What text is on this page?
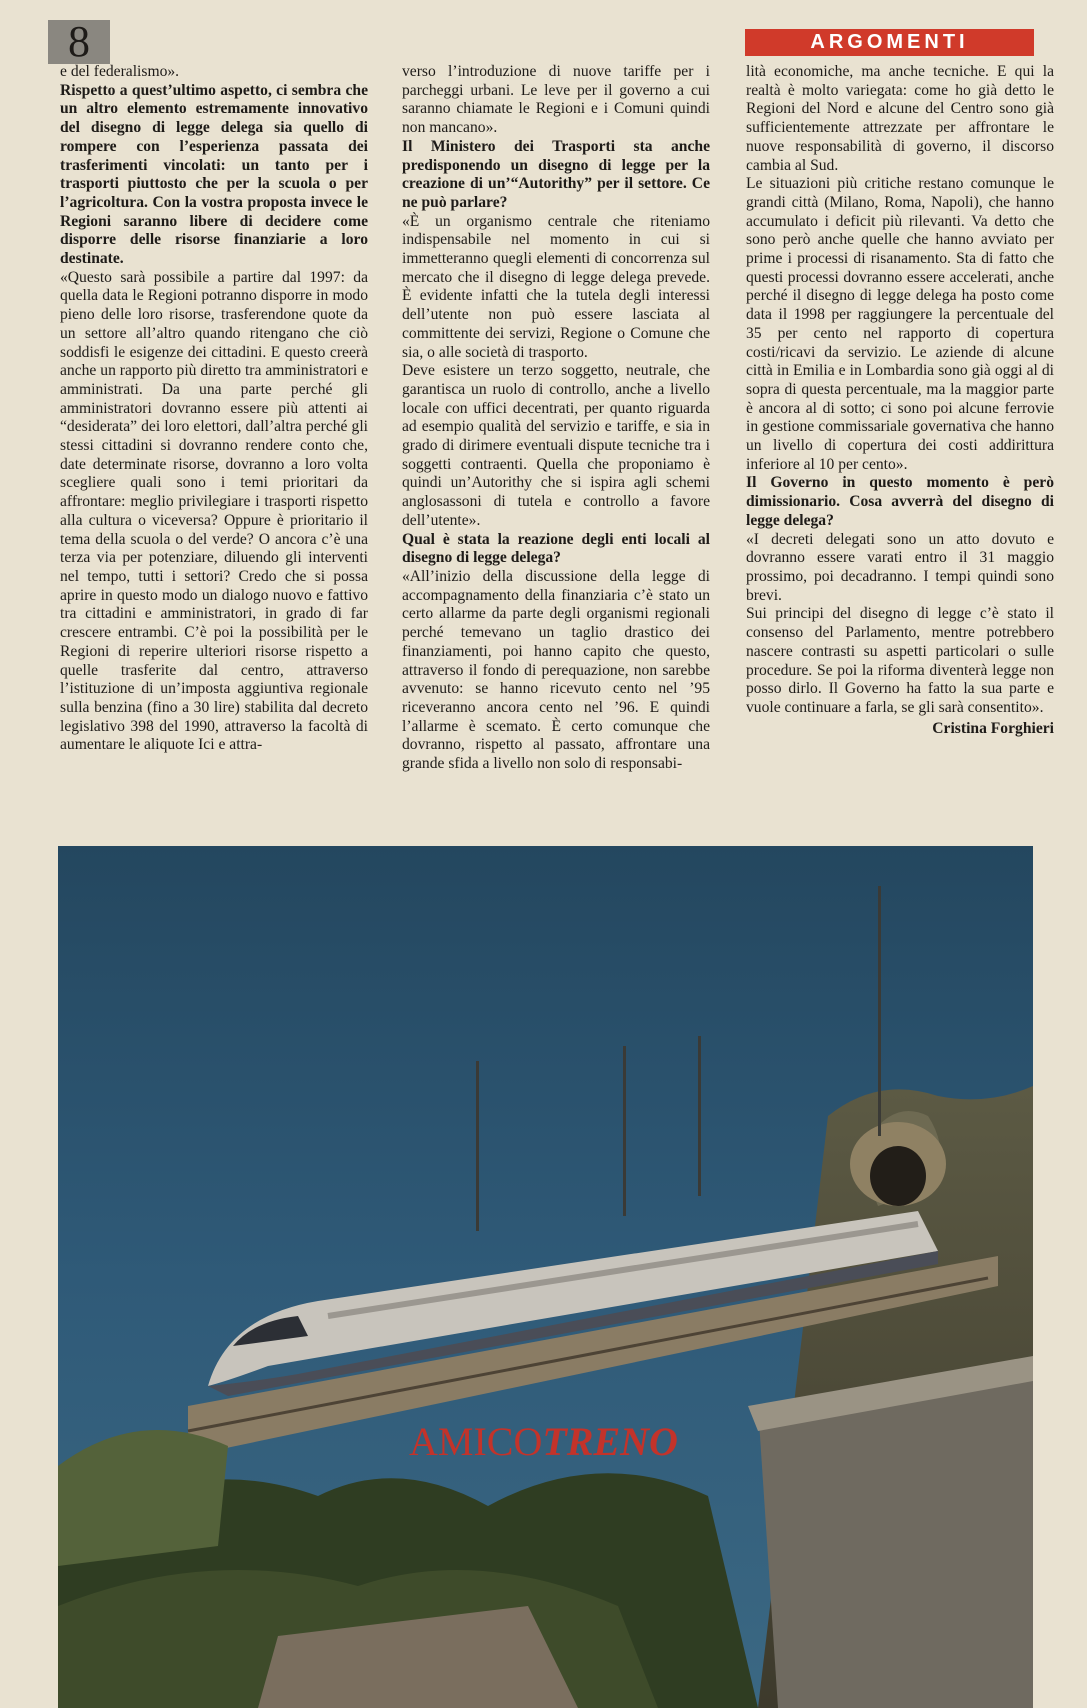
8	ARGOMENTI

e del federalismo».

Rispetto a quest’ultimo aspetto, ci sembra che un altro elemento estremamente innovativo del disegno di legge delega sia quello di rompere con l’esperienza passata dei trasferimenti vincolati: un tanto per i trasporti piuttosto che per la scuola o per l’agricoltura. Con la vostra proposta invece le Regioni saranno libere di decidere come disporre delle risorse finanziarie a loro destinate.

«Questo sarà possibile a partire dal 1997: da quella data le Regioni potranno disporre in modo pieno delle loro risorse, trasferendone quote da un settore all’altro quando ritengano che ciò soddisfi le esigenze dei cittadini. E questo creerà anche un rapporto più diretto tra amministratori e amministrati. Da una parte perché gli amministratori dovranno essere più attenti ai “desiderata” dei loro elettori, dall’altra perché gli stessi cittadini si dovranno rendere conto che, date determinate risorse, dovranno a loro volta scegliere quali sono i temi prioritari da affrontare: meglio privilegiare i trasporti rispetto alla cultura o viceversa? Oppure è prioritario il tema della scuola o del verde? O ancora c’è una terza via per potenziare, diluendo gli interventi nel tempo, tutti i settori? Credo che si possa aprire in questo modo un dialogo nuovo e fattivo tra cittadini e amministratori, in grado di far crescere entrambi. C’è poi la possibilità per le Regioni di reperire ulteriori risorse rispetto a quelle trasferite dal centro, attraverso l’istituzione di un’imposta aggiuntiva regionale sulla benzina (fino a 30 lire) stabilita dal decreto legislativo 398 del 1990, attraverso la facoltà di aumentare le aliquote Ici e attra-

verso l’introduzione di nuove tariffe per i parcheggi urbani. Le leve per il governo a cui saranno chiamate le Regioni e i Comuni quindi non mancano».

Il Ministero dei Trasporti sta anche predisponendo un disegno di legge per la creazione di un’“Autorithy” per il settore. Ce ne può parlare?

«È un organismo centrale che riteniamo indispensabile nel momento in cui si immetteranno quegli elementi di concorrenza sul mercato che il disegno di legge delega prevede. È evidente infatti che la tutela degli interessi dell’utente non può essere lasciata al committente dei servizi, Regione o Comune che sia, o alle società di trasporto.

Deve esistere un terzo soggetto, neutrale, che garantisca un ruolo di controllo, anche a livello locale con uffici decentrati, per quanto riguarda ad esempio qualità del servizio e tariffe, e sia in grado di dirimere eventuali dispute tecniche tra i soggetti contraenti. Quella che proponiamo è quindi un’Autorithy che si ispira agli schemi anglosassoni di tutela e controllo a favore dell’utente».

Qual è stata la reazione degli enti locali al disegno di legge delega?

«All’inizio della discussione della legge di accompagnamento della finanziaria c’è stato un certo allarme da parte degli organismi regionali perché temevano un taglio drastico dei finanziamenti, poi hanno capito che questo, attraverso il fondo di perequazione, non sarebbe avvenuto: se hanno ricevuto cento nel ’95 riceveranno ancora cento nel ’96. E quindi l’allarme è scemato. È certo comunque che dovranno, rispetto al passato, affrontare una grande sfida a livello non solo di responsabi-

lità economiche, ma anche tecniche. E qui la realtà è molto variegata: come ho già detto le Regioni del Nord e alcune del Centro sono già sufficientemente attrezzate per affrontare le nuove responsabilità di governo, il discorso cambia al Sud.

Le situazioni più critiche restano comunque le grandi città (Milano, Roma, Napoli), che hanno accumulato i deficit più rilevanti. Va detto che sono però anche quelle che hanno avviato per prime i processi di risanamento. Sta di fatto che questi processi dovranno essere accelerati, anche perché il disegno di legge delega ha posto come data il 1998 per raggiungere la percentuale del 35 per cento nel rapporto di copertura costi/ricavi da servizio. Le aziende di alcune città in Emilia e in Lombardia sono già oggi al di sopra di questa percentuale, ma la maggior parte è ancora al di sotto; ci sono poi alcune ferrovie in gestione commissariale governativa che hanno un livello di copertura dei costi addirittura inferiore al 10 per cento».

Il Governo in questo momento è però dimissionario. Cosa avverrà del disegno di legge delega?

«I decreti delegati sono un atto dovuto e dovranno essere varati entro il 31 maggio prossimo, poi decadranno. I tempi quindi sono brevi.

Sui principi del disegno di legge c’è stato il consenso del Parlamento, mentre potrebbero nascere contrasti su aspetti particolari o sulle procedure. Se poi la riforma diventerà legge non posso dirlo. Il Governo ha fatto la sua parte e vuole continuare a farla, se gli sarà consentito».

Cristina Forghieri

AMICOTRENO
